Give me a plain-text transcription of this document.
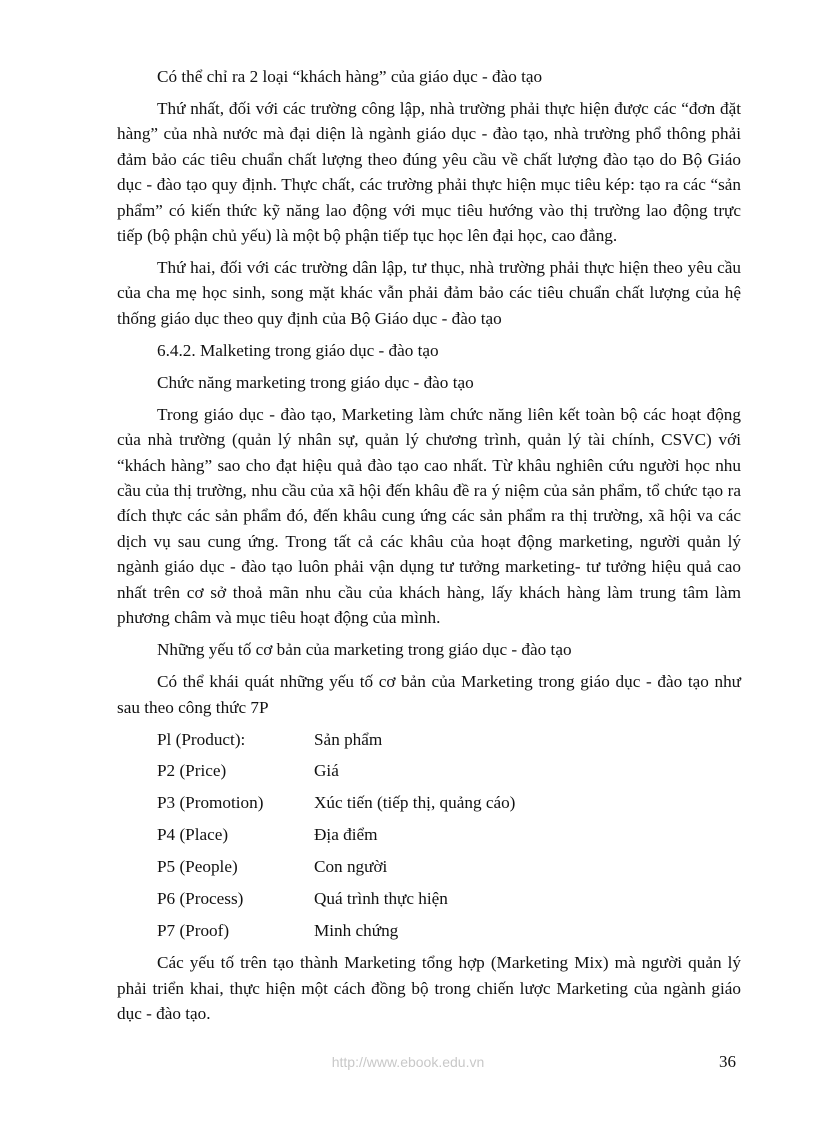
Có thể chỉ ra 2 loại “khách hàng” của giáo dục - đào tạo

Thứ nhất, đối với các trường công lập, nhà trường phải thực hiện được các “đơn đặt hàng” của nhà nước mà đại diện là ngành giáo dục - đào tạo, nhà trường phổ thông phải đảm bảo các tiêu chuẩn chất lượng theo đúng yêu cầu về chất lượng đào tạo do Bộ Giáo dục - đào tạo quy định. Thực chất, các trường phải thực hiện mục tiêu kép: tạo ra các “sản phẩm” có kiến thức kỹ năng lao động với mục tiêu hướng vào thị trường lao động trực tiếp (bộ phận chủ yếu) là một bộ phận tiếp tục học lên đại học, cao đẳng.

Thứ hai, đối với các trường dân lập, tư thục, nhà trường phải thực hiện theo yêu cầu của cha mẹ học sinh, song mặt khác vẫn phải đảm bảo các tiêu chuẩn chất lượng của hệ thống giáo dục theo quy định của Bộ Giáo dục - đào tạo

6.4.2. Malketing trong giáo dục - đào tạo

Chức năng marketing trong giáo dục - đào tạo

Trong giáo dục - đào tạo, Marketing làm chức năng liên kết toàn bộ các hoạt động của nhà trường (quản lý nhân sự, quản lý chương trình, quản lý tài chính, CSVC) với “khách hàng” sao cho đạt hiệu quả đào tạo cao nhất. Từ khâu nghiên cứu người học nhu cầu của thị trường, nhu cầu của xã hội đến khâu đề ra ý niệm của sản phẩm, tổ chức tạo ra đích thực các sản phẩm đó, đến khâu cung ứng các sản phẩm ra thị trường, xã hội va các dịch vụ sau cung ứng. Trong tất cả các khâu của hoạt động marketing, người quản lý ngành giáo dục - đào tạo luôn phải vận dụng tư tưởng marketing- tư tưởng hiệu quả cao nhất trên cơ sở thoả mãn nhu cầu của khách hàng, lấy khách hàng làm trung tâm làm phương châm và mục tiêu hoạt động của mình.

Những yếu tố cơ bản của marketing trong giáo dục - đào tạo

Có thể khái quát những yếu tố cơ bản của Marketing trong giáo dục - đào tạo như sau theo công thức 7P

Pl (Product):	Sản phẩm
P2 (Price)	Giá
P3 (Promotion)	Xúc tiến (tiếp thị, quảng cáo)
P4 (Place)	Địa điểm
P5 (People)	Con người
P6 (Process)	Quá trình thực hiện
P7 (Proof)	Minh chứng

Các yếu tố trên tạo thành Marketing tổng hợp (Marketing Mix) mà người quản lý phải triển khai, thực hiện một cách đồng bộ trong chiến lược Marketing của ngành giáo dục - đào tạo.

http://www.ebook.edu.vn	36
